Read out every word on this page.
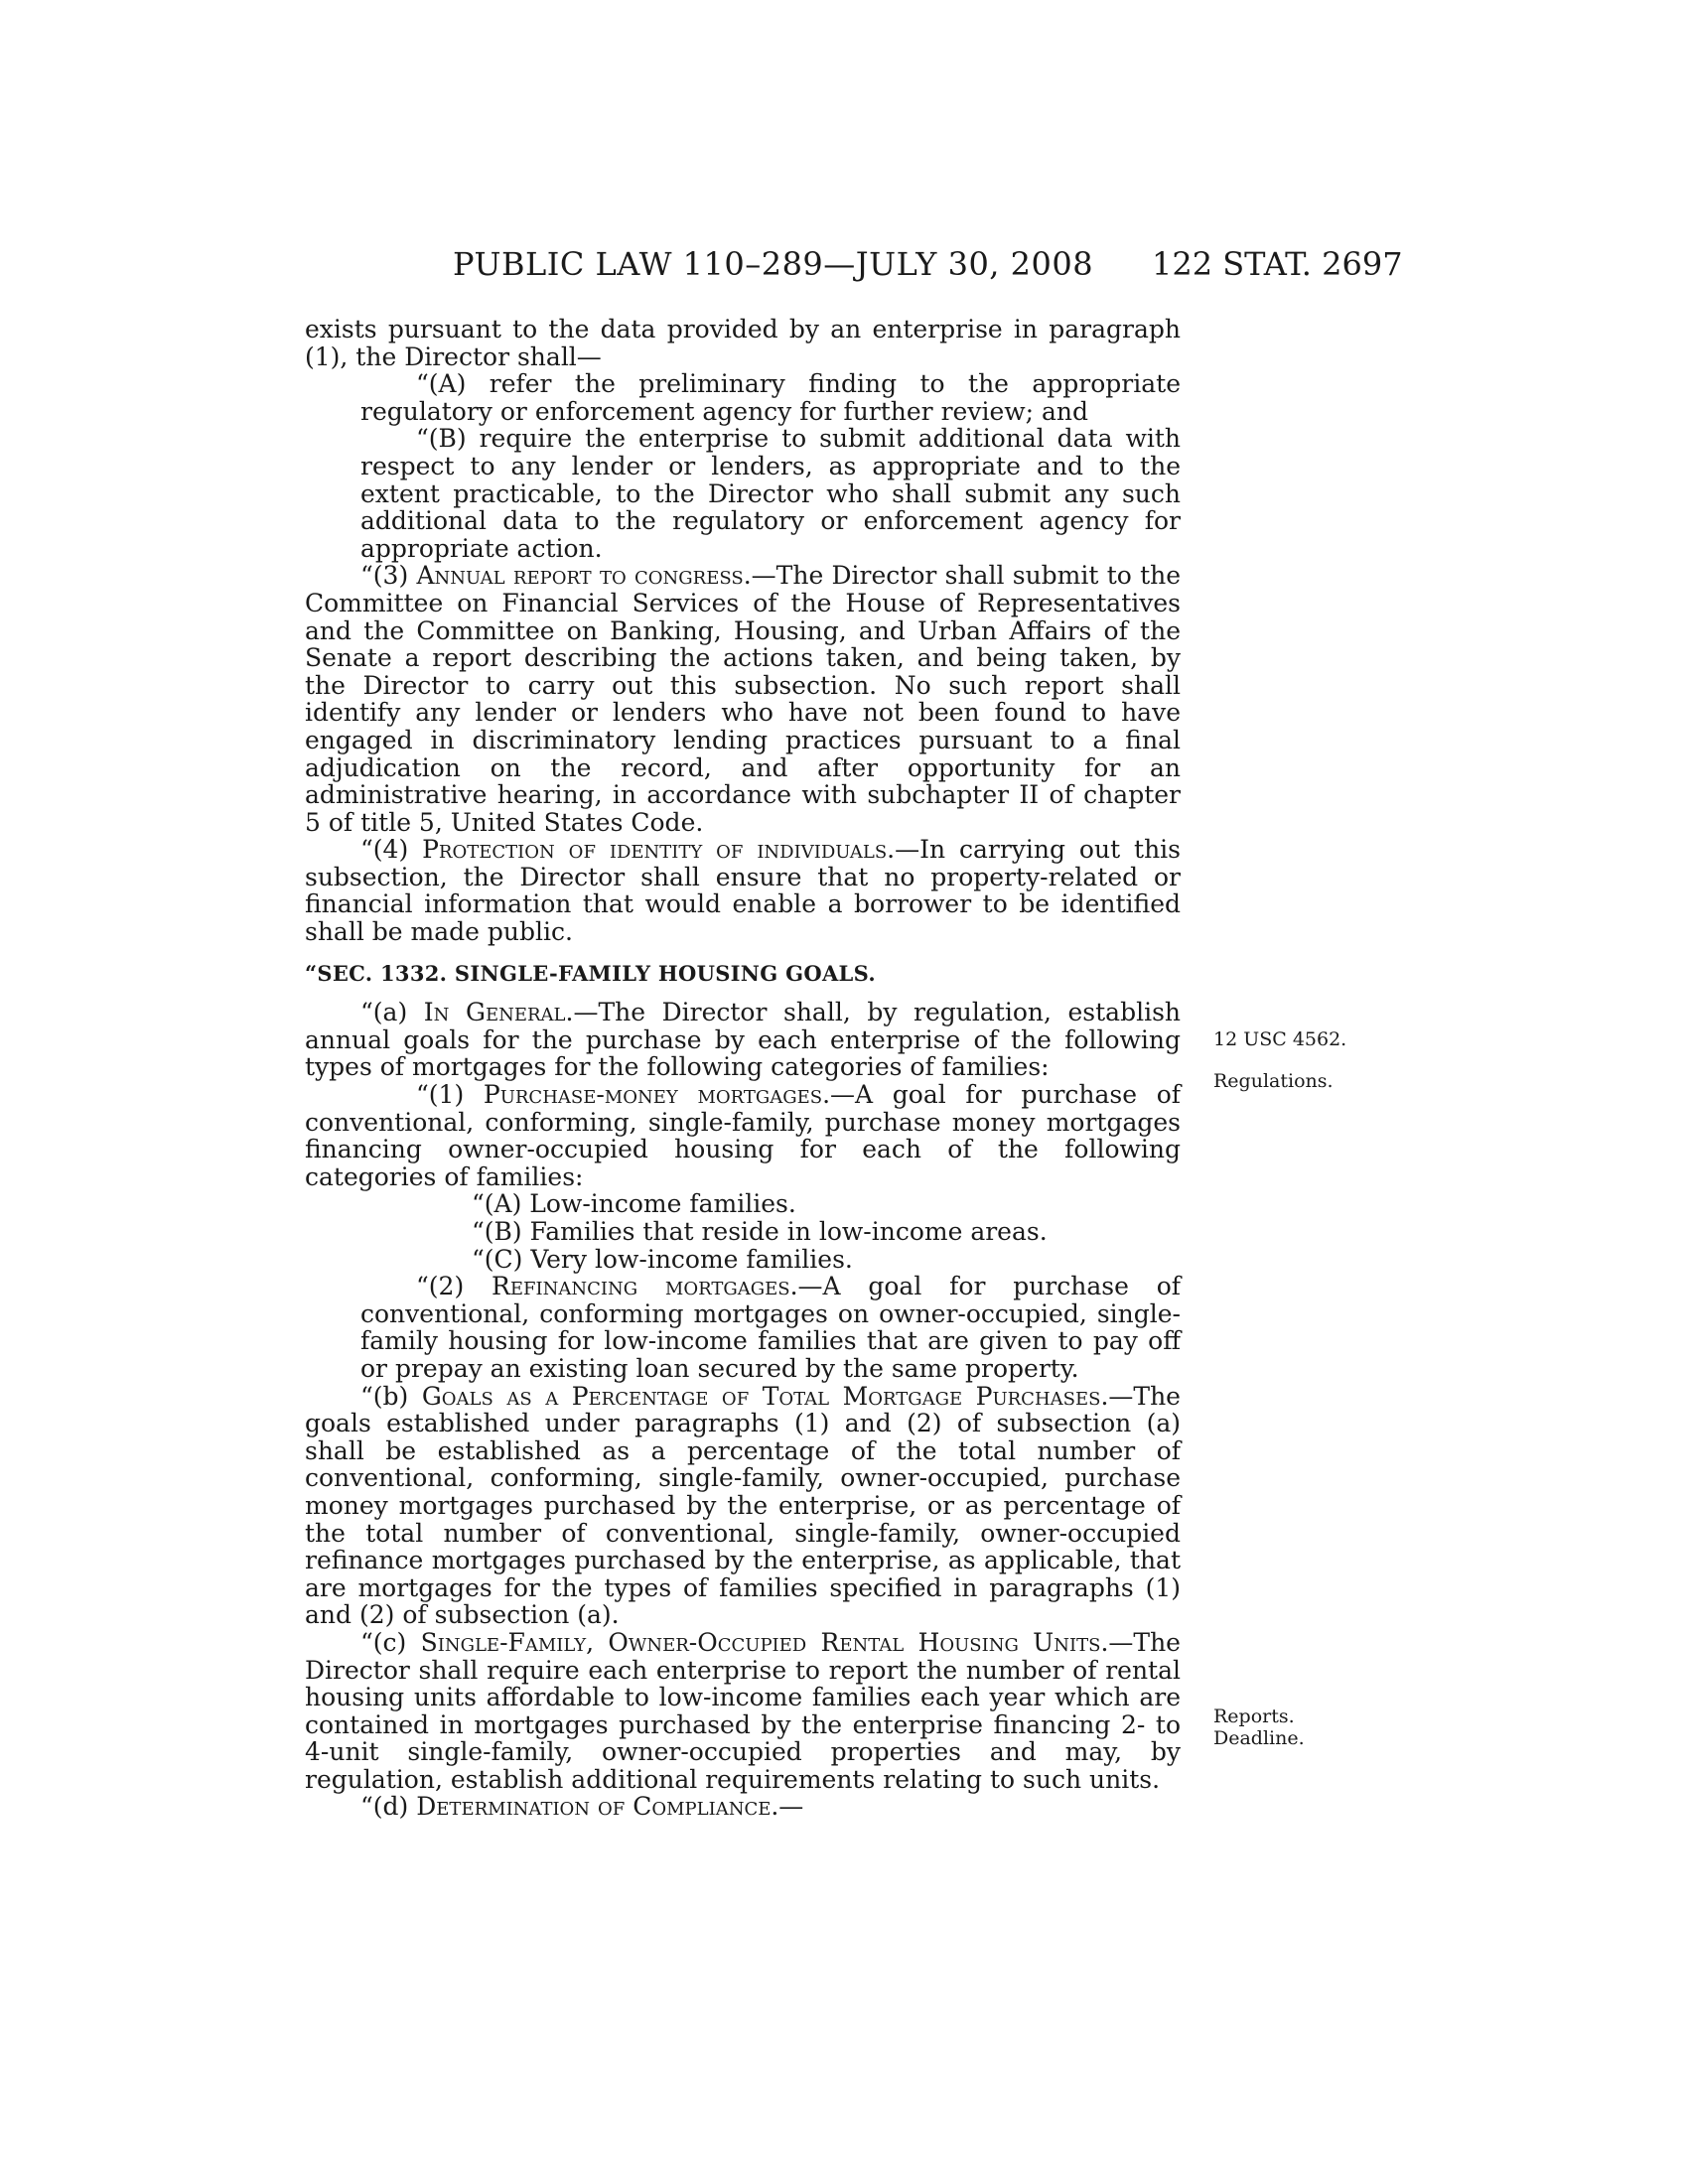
PUBLIC LAW 110–289—JULY 30, 2008 122 STAT. 2697

exists pursuant to the data provided by an enterprise in paragraph (1), the Director shall—

“(A) refer the preliminary finding to the appropriate regulatory or enforcement agency for further review; and

“(B) require the enterprise to submit additional data with respect to any lender or lenders, as appropriate and to the extent practicable, to the Director who shall submit any such additional data to the regulatory or enforcement agency for appropriate action.

“(3) Annual report to congress.—The Director shall submit to the Committee on Financial Services of the House of Representatives and the Committee on Banking, Housing, and Urban Affairs of the Senate a report describing the actions taken, and being taken, by the Director to carry out this subsection. No such report shall identify any lender or lenders who have not been found to have engaged in discriminatory lending practices pursuant to a final adjudication on the record, and after opportunity for an administrative hearing, in accordance with subchapter II of chapter 5 of title 5, United States Code.

“(4) Protection of identity of individuals.—In carrying out this subsection, the Director shall ensure that no property-related or financial information that would enable a borrower to be identified shall be made public.

“SEC. 1332. SINGLE-FAMILY HOUSING GOALS.

“(a) In General.—The Director shall, by regulation, establish annual goals for the purchase by each enterprise of the following types of mortgages for the following categories of families:

“(1) Purchase-money mortgages.—A goal for purchase of conventional, conforming, single-family, purchase money mortgages financing owner-occupied housing for each of the following categories of families:

“(A) Low-income families.

“(B) Families that reside in low-income areas.

“(C) Very low-income families.

“(2) Refinancing mortgages.—A goal for purchase of conventional, conforming mortgages on owner-occupied, single-family housing for low-income families that are given to pay off or prepay an existing loan secured by the same property.

“(b) Goals as a Percentage of Total Mortgage Purchases.—The goals established under paragraphs (1) and (2) of subsection (a) shall be established as a percentage of the total number of conventional, conforming, single-family, owner-occupied, purchase money mortgages purchased by the enterprise, or as percentage of the total number of conventional, single-family, owner-occupied refinance mortgages purchased by the enterprise, as applicable, that are mortgages for the types of families specified in paragraphs (1) and (2) of subsection (a).

“(c) Single-Family, Owner-Occupied Rental Housing Units.—The Director shall require each enterprise to report the number of rental housing units affordable to low-income families each year which are contained in mortgages purchased by the enterprise financing 2- to 4-unit single-family, owner-occupied properties and may, by regulation, establish additional requirements relating to such units.

“(d) Determination of Compliance.—

12 USC 4562.
Regulations.
Reports.
Deadline.
